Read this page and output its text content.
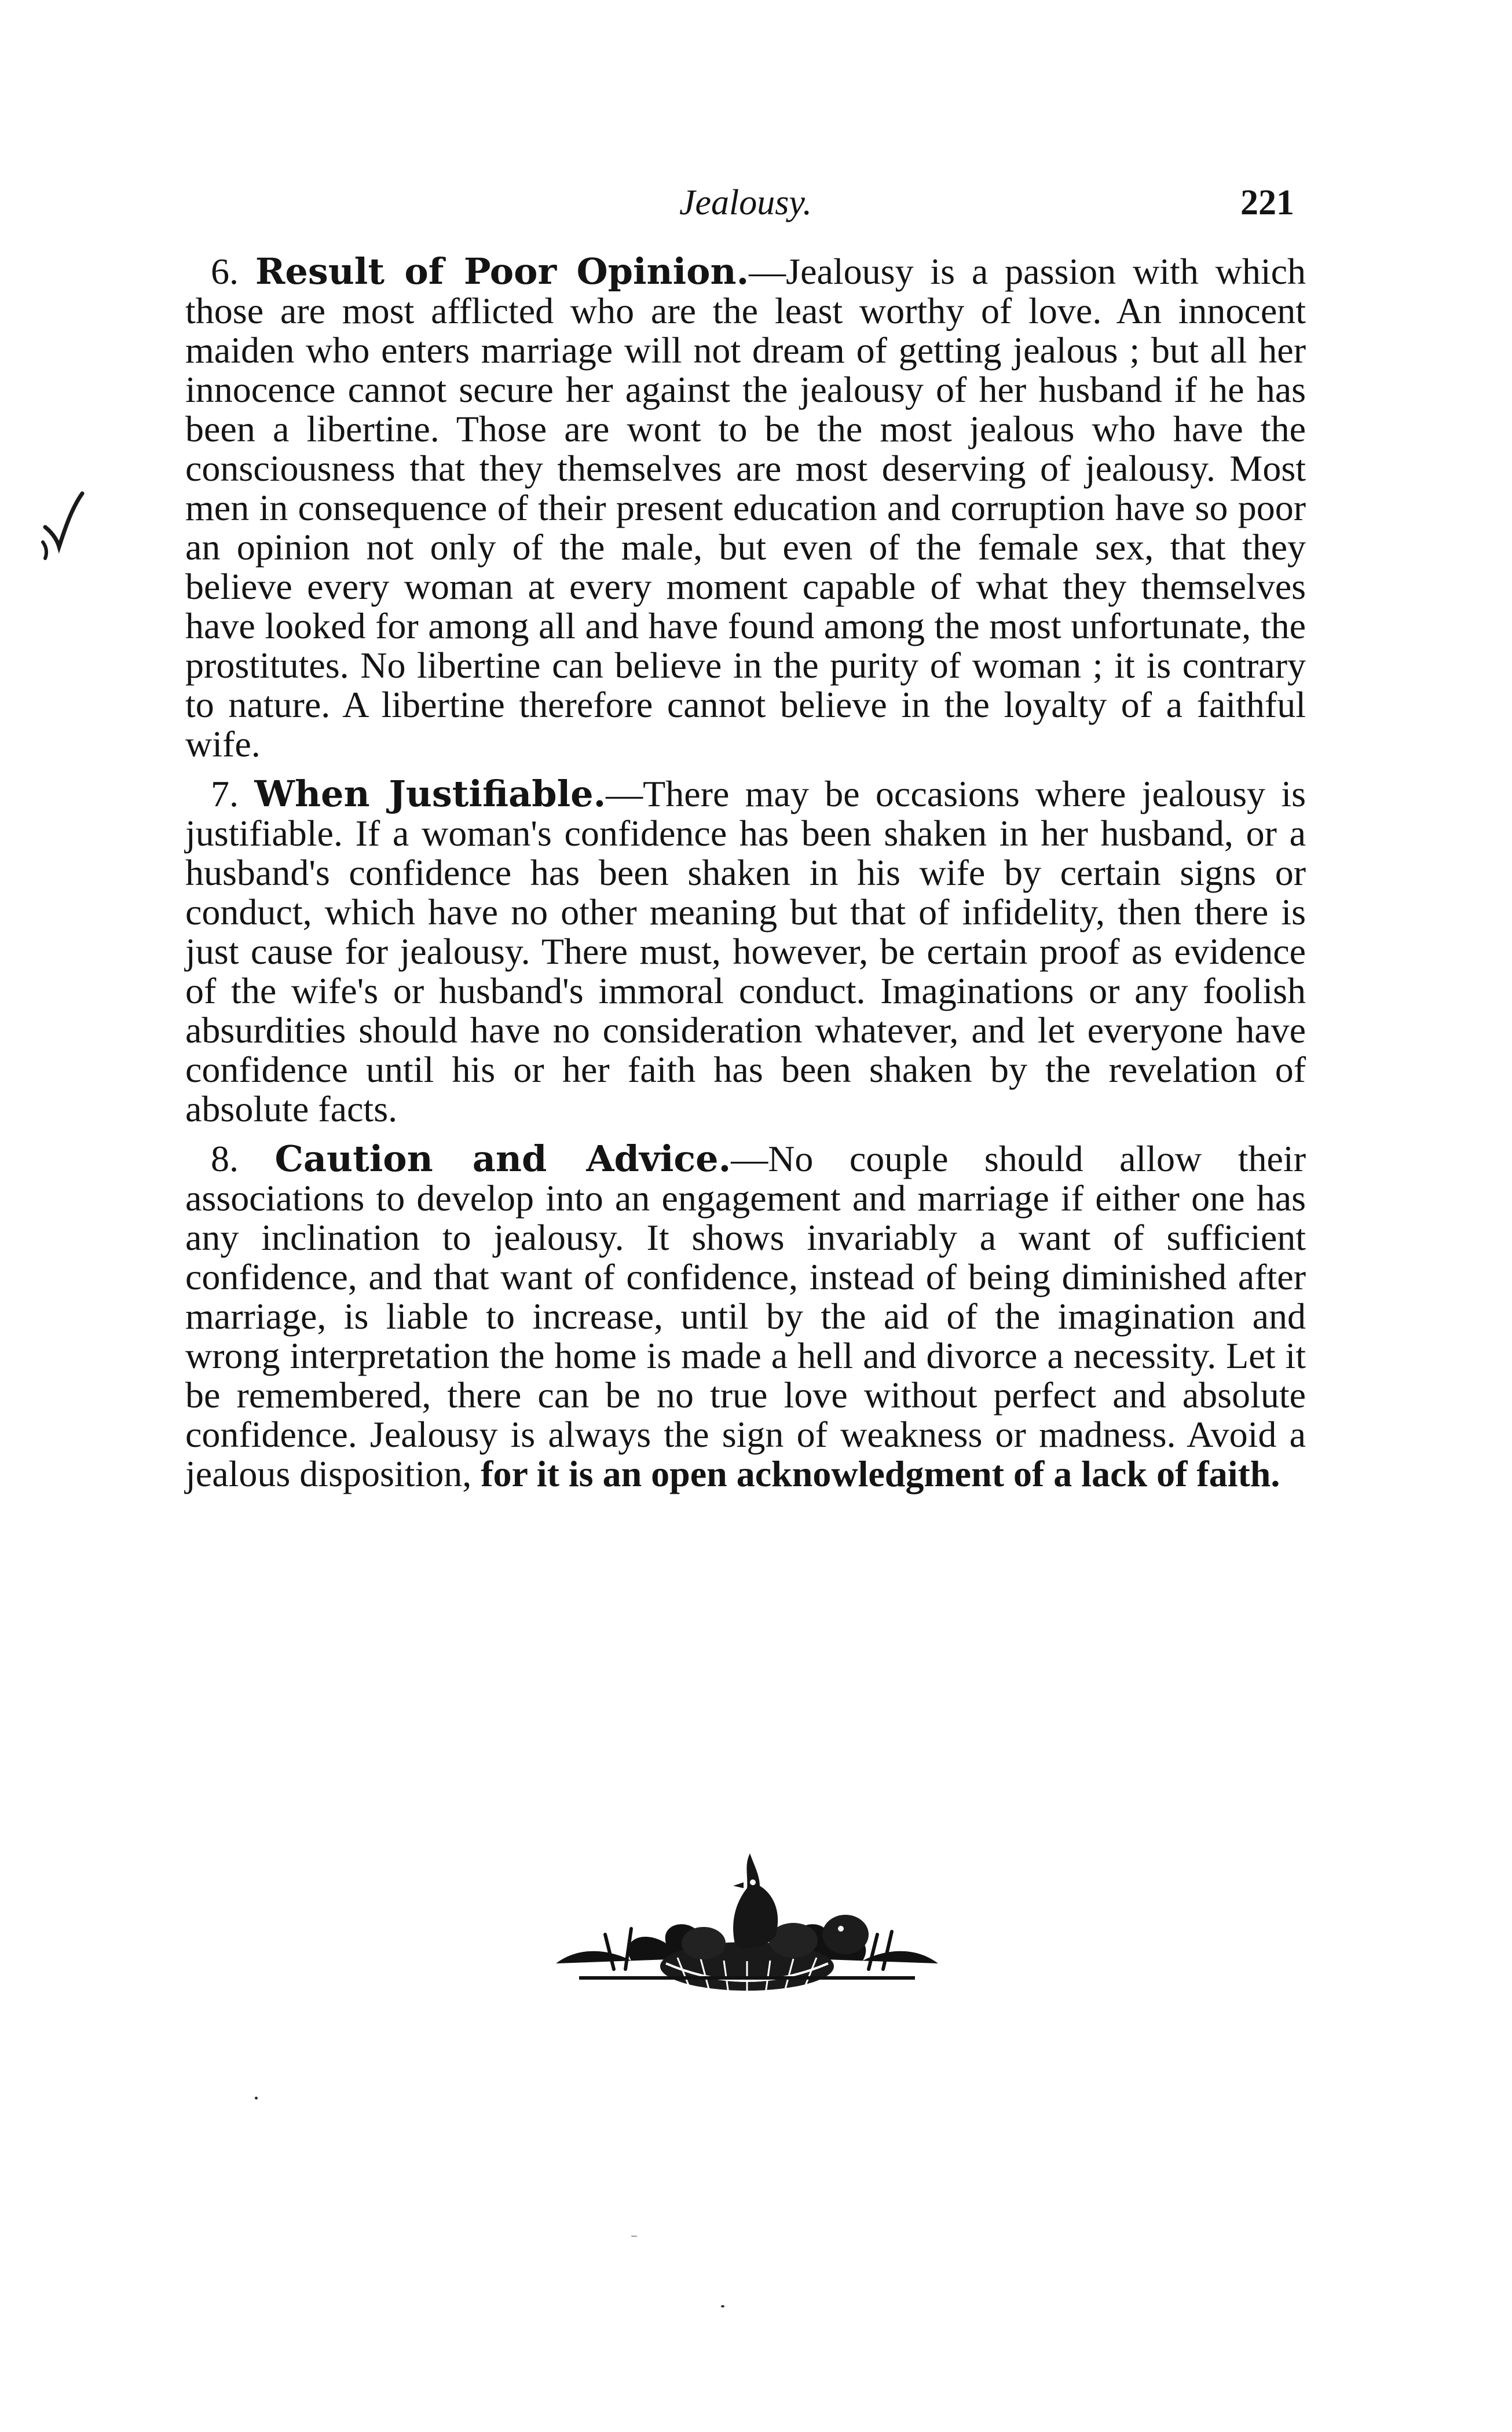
Jealousy.	221

6. Result of Poor Opinion.—Jealousy is a passion with which those are most afflicted who are the least worthy of love. An innocent maiden who enters marriage will not dream of getting jealous ; but all her innocence cannot secure her against the jealousy of her husband if he has been a libertine. Those are wont to be the most jealous who have the consciousness that they themselves are most deserving of jealousy. Most men in consequence of their present education and corruption have so poor an opinion not only of the male, but even of the female sex, that they believe every woman at every moment capable of what they themselves have looked for among all and have found among the most unfortunate, the prostitutes. No libertine can believe in the purity of woman ; it is contrary to nature. A libertine therefore cannot believe in the loyalty of a faithful wife.

7. When Justifiable.—There may be occasions where jealousy is justifiable. If a woman's confidence has been shaken in her husband, or a husband's confidence has been shaken in his wife by certain signs or conduct, which have no other meaning but that of infidelity, then there is just cause for jealousy. There must, however, be certain proof as evidence of the wife's or husband's immoral conduct. Imaginations or any foolish absurdities should have no consideration whatever, and let everyone have confidence until his or her faith has been shaken by the revelation of absolute facts.

8. Caution and Advice.—No couple should allow their associations to develop into an engagement and marriage if either one has any inclination to jealousy. It shows invariably a want of sufficient confidence, and that want of confidence, instead of being diminished after marriage, is liable to increase, until by the aid of the imagination and wrong interpretation the home is made a hell and divorce a necessity. Let it be remembered, there can be no true love without perfect and absolute confidence. Jealousy is always the sign of weakness or madness. Avoid a jealous disposition, for it is an open acknowledgment of a lack of faith.
